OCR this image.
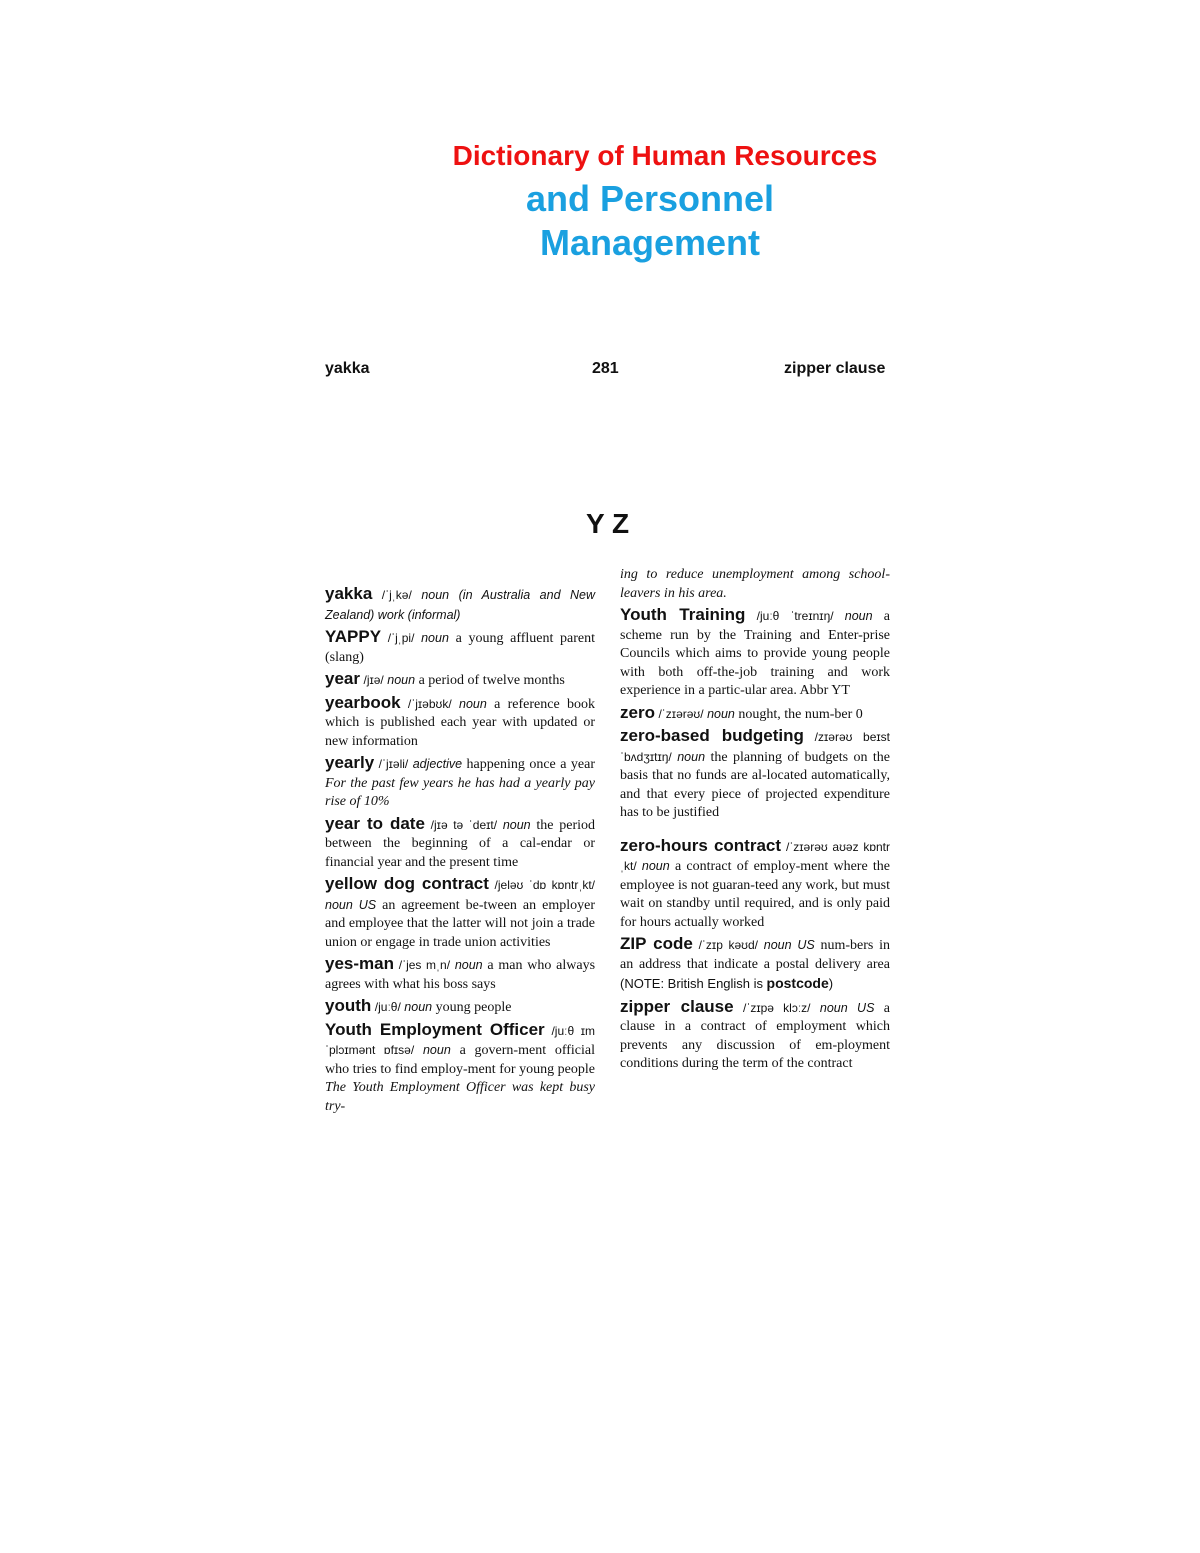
Dictionary of Human Resources
and Personnel
Management
yakka	281	zipper clause
Y Z

yakka /ˈjˌkə/ noun (in Australia and New Zealand) work (informal)

YAPPY /ˈjˌpi/ noun a young affluent parent (slang)

year /jɪə/ noun a period of twelve months

yearbook /ˈjɪəbʊk/ noun a reference book which is published each year with updated or new information

yearly /ˈjɪəli/ adjective happening once a year For the past few years he has had a yearly pay rise of 10%

year to date /jɪə tə ˈdeɪt/ noun the period between the beginning of a cal-endar or financial year and the present time

yellow dog contract /jeləʊ ˈdɒ kɒntrˌkt/ noun US an agreement be-tween an employer and employee that the latter will not join a trade union or engage in trade union activities

yes-man /ˈjes mˌn/ noun a man who always agrees with what his boss says

youth /juːθ/ noun young people

Youth Employment Officer /juːθ ɪmˈplɔɪmənt ɒfɪsə/ noun a govern-ment official who tries to find employ-ment for young people The Youth Employment Officer was kept busy try-

ing to reduce unemployment among school-leavers in his area.

Youth Training /juːθ ˈtreɪnɪŋ/ noun a scheme run by the Training and Enter-prise Councils which aims to provide young people with both off-the-job training and work experience in a partic-ular area. Abbr YT

zero /ˈzɪərəʊ/ noun nought, the num-ber 0

zero-based budgeting /zɪərəʊ beɪst ˈbʌdʒɪtɪŋ/ noun the planning of budgets on the basis that no funds are al-located automatically, and that every piece of projected expenditure has to be justified

zero-hours contract /ˈzɪərəʊ aʊəz kɒntrˌkt/ noun a contract of employ-ment where the employee is not guaran-teed any work, but must wait on standby until required, and is only paid for hours actually worked

ZIP code /ˈzɪp kəʊd/ noun US num-bers in an address that indicate a postal delivery area (NOTE: British English is postcode)

zipper clause /ˈzɪpə klɔːz/ noun US a clause in a contract of employment which prevents any discussion of em-ployment conditions during the term of the contract
